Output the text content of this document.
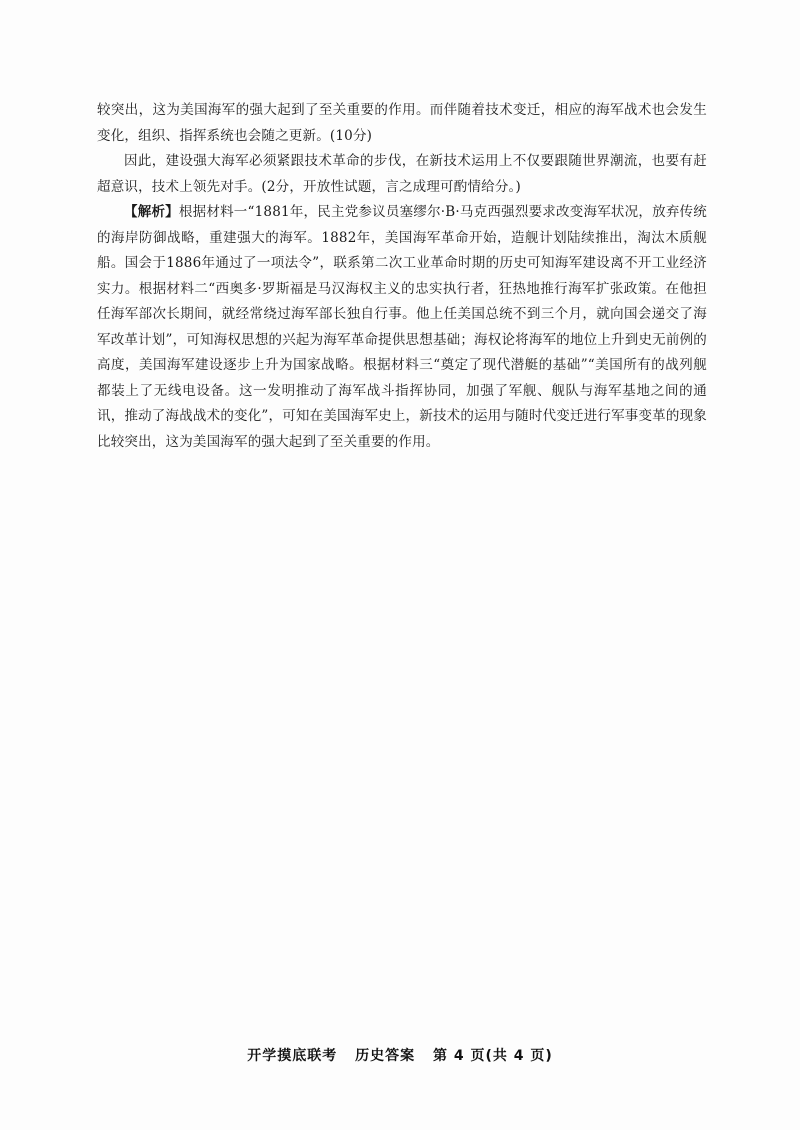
较突出，这为美国海军的强大起到了至关重要的作用。而伴随着技术变迁，相应的海军战术也会发生变化，组织、指挥系统也会随之更新。(10分)

因此，建设强大海军必须紧跟技术革命的步伐，在新技术运用上不仅要跟随世界潮流，也要有赶超意识，技术上领先对手。(2分，开放性试题，言之成理可酌情给分。)

【解析】根据材料一“1881年，民主党参议员塞缪尔·B·马克西强烈要求改变海军状况，放弃传统的海岸防御战略，重建强大的海军。1882年，美国海军革命开始，造舰计划陆续推出，淘汰木质舰船。国会于1886年通过了一项法令”，联系第二次工业革命时期的历史可知海军建设离不开工业经济实力。根据材料二“西奥多·罗斯福是马汉海权主义的忠实执行者，狂热地推行海军扩张政策。在他担任海军部次长期间，就经常绕过海军部长独自行事。他上任美国总统不到三个月，就向国会递交了海军改革计划”，可知海权思想的兴起为海军革命提供思想基础；海权论将海军的地位上升到史无前例的高度，美国海军建设逐步上升为国家战略。根据材料三“奠定了现代潜艇的基础”“美国所有的战列舰都装上了无线电设备。这一发明推动了海军战斗指挥协同，加强了军舰、舰队与海军基地之间的通讯，推动了海战战术的变化”，可知在美国海军史上，新技术的运用与随时代变迁进行军事变革的现象比较突出，这为美国海军的强大起到了至关重要的作用。

开学摸底联考 历史答案 第 4 页(共 4 页)
